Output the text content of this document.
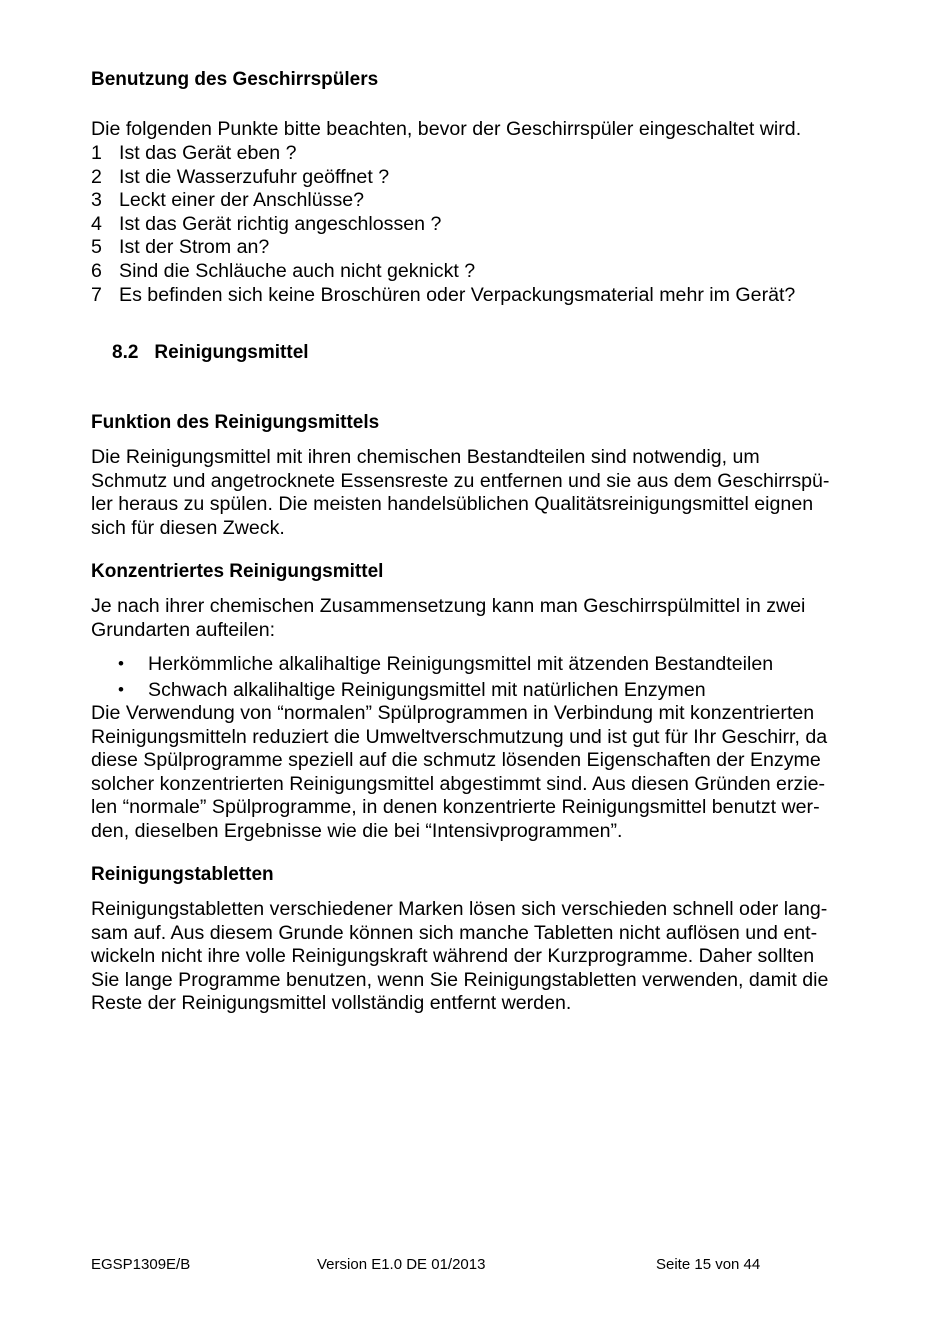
Benutzung des Geschirrspülers

Die folgenden Punkte bitte beachten, bevor der Geschirrspüler eingeschaltet wird.

1 Ist das Gerät eben ?
2 Ist die Wasserzufuhr geöffnet ?
3 Leckt einer der Anschlüsse?
4 Ist das Gerät richtig angeschlossen ?
5 Ist der Strom an?
6 Sind die Schläuche auch nicht geknickt ?
7 Es befinden sich keine Broschüren oder Verpackungsmaterial mehr im Gerät?
8.2 Reinigungsmittel
Funktion des Reinigungsmittels

Die Reinigungsmittel mit ihren chemischen Bestandteilen sind notwendig, um

Schmutz und angetrocknete Essensreste zu entfernen und sie aus dem Geschirrspü-

ler heraus zu spülen. Die meisten handelsüblichen Qualitätsreinigungsmittel eignen

sich für diesen Zweck.

Konzentriertes Reinigungsmittel

Je nach ihrer chemischen Zusammensetzung kann man Geschirrspülmittel in zwei

Grundarten aufteilen:

•	Herkömmliche alkalihaltige Reinigungsmittel mit ätzenden Bestandteilen
•	Schwach alkalihaltige Reinigungsmittel mit natürlichen Enzymen

Die Verwendung von “normalen” Spülprogrammen in Verbindung mit konzentrierten

Reinigungsmitteln reduziert die Umweltverschmutzung und ist gut für Ihr Geschirr, da

diese Spülprogramme speziell auf die schmutz lösenden Eigenschaften der Enzyme

solcher konzentrierten Reinigungsmittel abgestimmt sind. Aus diesen Gründen erzie-

len “normale” Spülprogramme, in denen konzentrierte Reinigungsmittel benutzt wer-

den, dieselben Ergebnisse wie die bei “Intensivprogrammen”.

Reinigungstabletten

Reinigungstabletten verschiedener Marken lösen sich verschieden schnell oder lang-

sam auf. Aus diesem Grunde können sich manche Tabletten nicht auflösen und ent-

wickeln nicht ihre volle Reinigungskraft während der Kurzprogramme. Daher sollten

Sie lange Programme benutzen, wenn Sie Reinigungstabletten verwenden, damit die

Reste der Reinigungsmittel vollständig entfernt werden.

EGSP1309E/B	Version E1.0 DE 01/2013	Seite 15 von 44
